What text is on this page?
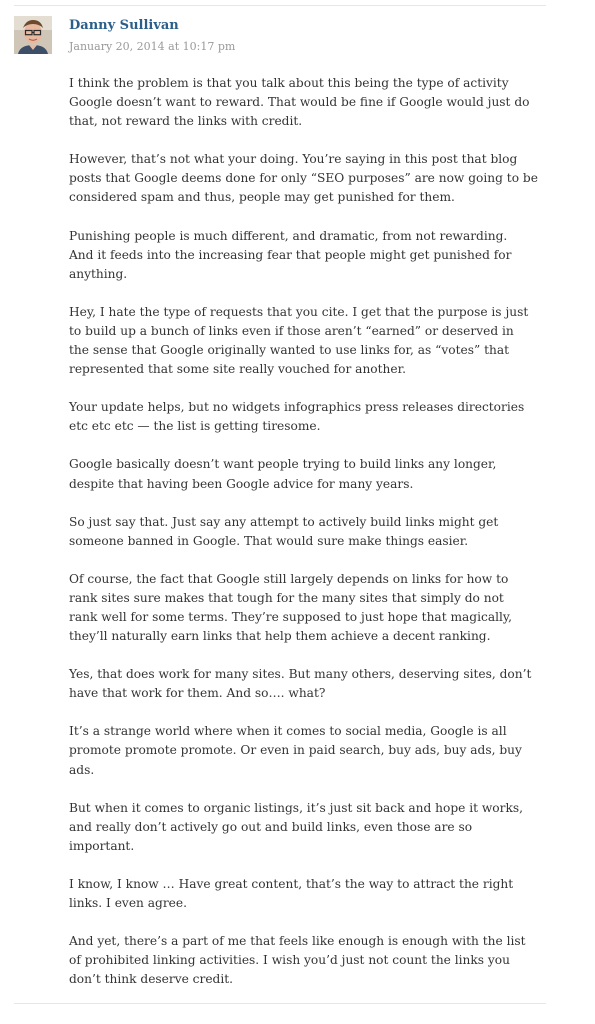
Danny Sullivan
January 20, 2014 at 10:17 pm

I think the problem is that you talk about this being the type of activity
Google doesn’t want to reward. That would be fine if Google would just do
that, not reward the links with credit.

However, that’s not what your doing. You’re saying in this post that blog
posts that Google deems done for only “SEO purposes” are now going to be
considered spam and thus, people may get punished for them.

Punishing people is much different, and dramatic, from not rewarding.
And it feeds into the increasing fear that people might get punished for
anything.

Hey, I hate the type of requests that you cite. I get that the purpose is just
to build up a bunch of links even if those aren’t “earned” or deserved in
the sense that Google originally wanted to use links for, as “votes” that
represented that some site really vouched for another.

Your update helps, but no widgets infographics press releases directories
etc etc etc — the list is getting tiresome.

Google basically doesn’t want people trying to build links any longer,
despite that having been Google advice for many years.

So just say that. Just say any attempt to actively build links might get
someone banned in Google. That would sure make things easier.

Of course, the fact that Google still largely depends on links for how to
rank sites sure makes that tough for the many sites that simply do not
rank well for some terms. They’re supposed to just hope that magically,
they’ll naturally earn links that help them achieve a decent ranking.

Yes, that does work for many sites. But many others, deserving sites, don’t
have that work for them. And so…. what?

It’s a strange world where when it comes to social media, Google is all
promote promote promote. Or even in paid search, buy ads, buy ads, buy
ads.

But when it comes to organic listings, it’s just sit back and hope it works,
and really don’t actively go out and build links, even those are so
important.

I know, I know … Have great content, that’s the way to attract the right
links. I even agree.

And yet, there’s a part of me that feels like enough is enough with the list
of prohibited linking activities. I wish you’d just not count the links you
don’t think deserve credit.
